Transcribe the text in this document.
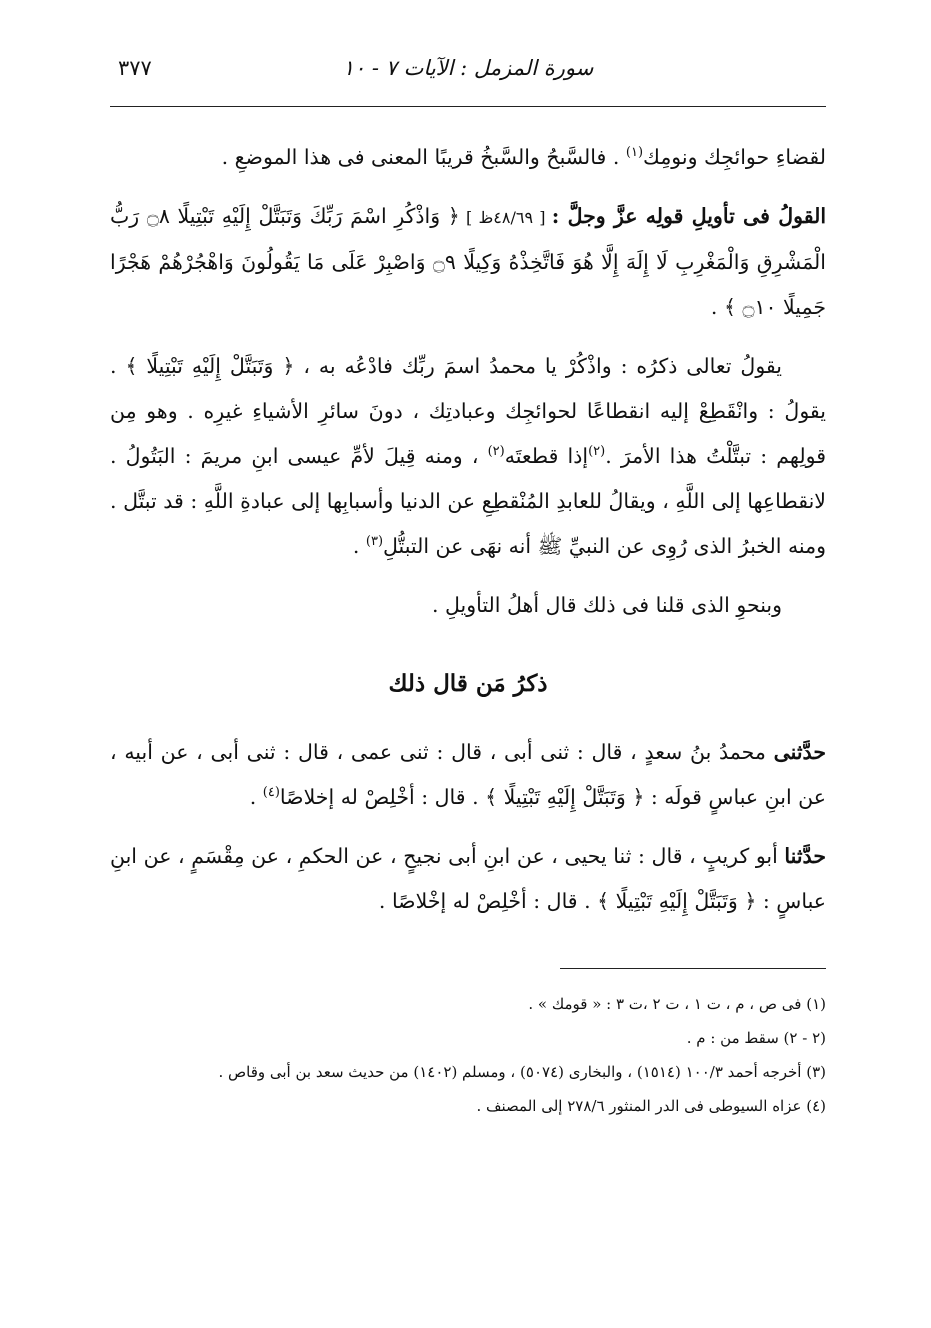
سورة المزمل : الآيات ٧ - ١٠
٣٧٧

لقضاءِ حوائجِك ونومِك$^{(١)}$ . فالسَّبحُ والسَّبخُ قريبًا المعنى فى هذا الموضعِ .

القولُ فى تأويلِ قولِه عزَّ وجلَّ : [ ٤٨/٦٩ظ ] ﴿ وَاذْكُرِ اسْمَ رَبِّكَ وَتَبَتَّلْ إِلَيْهِ تَبْتِيلًا ۝٨ رَبُّ الْمَشْرِقِ وَالْمَغْرِبِ لَا إِلَهَ إِلَّا هُوَ فَاتَّخِذْهُ وَكِيلًا ۝٩ وَاصْبِرْ عَلَى مَا يَقُولُونَ وَاهْجُرْهُمْ هَجْرًا جَمِيلًا ۝١٠ ﴾ .

يقولُ تعالى ذكرُه : واذْكُرْ يا محمدُ اسمَ ربِّك فادْعُه به ، ﴿ وَتَبَتَّلْ إِلَيْهِ تَبْتِيلًا ﴾ . يقولُ : وانْقَطِعْ إليه انقطاعًا لحوائجِك وعبادتِك ، دونَ سائرِ الأشياءِ غيرِه . وهو مِن قولِهم : تبتَّلْتُ هذا الأمرَ .$^{(٢)}$إذا قطعتَه$^{(٢)}$ ، ومنه قِيلَ لأمِّ عيسى ابنِ مريمَ : البَتُولُ . لانقطاعِها إلى اللَّهِ ، ويقالُ للعابدِ المُنْقطِعِ عن الدنيا وأسبابِها إلى عبادةِ اللَّهِ : قد تبتَّل . ومنه الخبرُ الذى رُوِى عن النبيِّ ﷺ أنه نهَى عن التبتُّلِ$^{(٣)}$ .

وبنحوِ الذى قلنا فى ذلك قال أهلُ التأويلِ .

ذكرُ مَن قال ذلك

حدَّثنى محمدُ بنُ سعدٍ ، قال : ثنى أبى ، قال : ثنى عمى ، قال : ثنى أبى ، عن أبيه ، عن ابنِ عباسٍ قولَه : ﴿ وَتَبَتَّلْ إِلَيْهِ تَبْتِيلًا ﴾ . قال : أخْلِصْ له إخلاصًا$^{(٤)}$ .

حدَّثنا أبو كريبٍ ، قال : ثنا يحيى ، عن ابنِ أبى نجيحٍ ، عن الحكمِ ، عن مِقْسَمٍ ، عن ابنِ عباسٍ : ﴿ وَتَبَتَّلْ إِلَيْهِ تَبْتِيلًا ﴾ . قال : أخْلِصْ له إخْلاصًا .

(١) فى ص ، م ، ت ١ ، ت ٢ ،ت ٣ : « قومك » .

(٢ - ٢) سقط من : م .

(٣) أخرجه أحمد ١٠٠/٣ (١٥١٤) ، والبخارى (٥٠٧٤) ، ومسلم (١٤٠٢) من حديث سعد بن أبى وقاص .

(٤) عزاه السيوطى فى الدر المنثور ٢٧٨/٦ إلى المصنف .
